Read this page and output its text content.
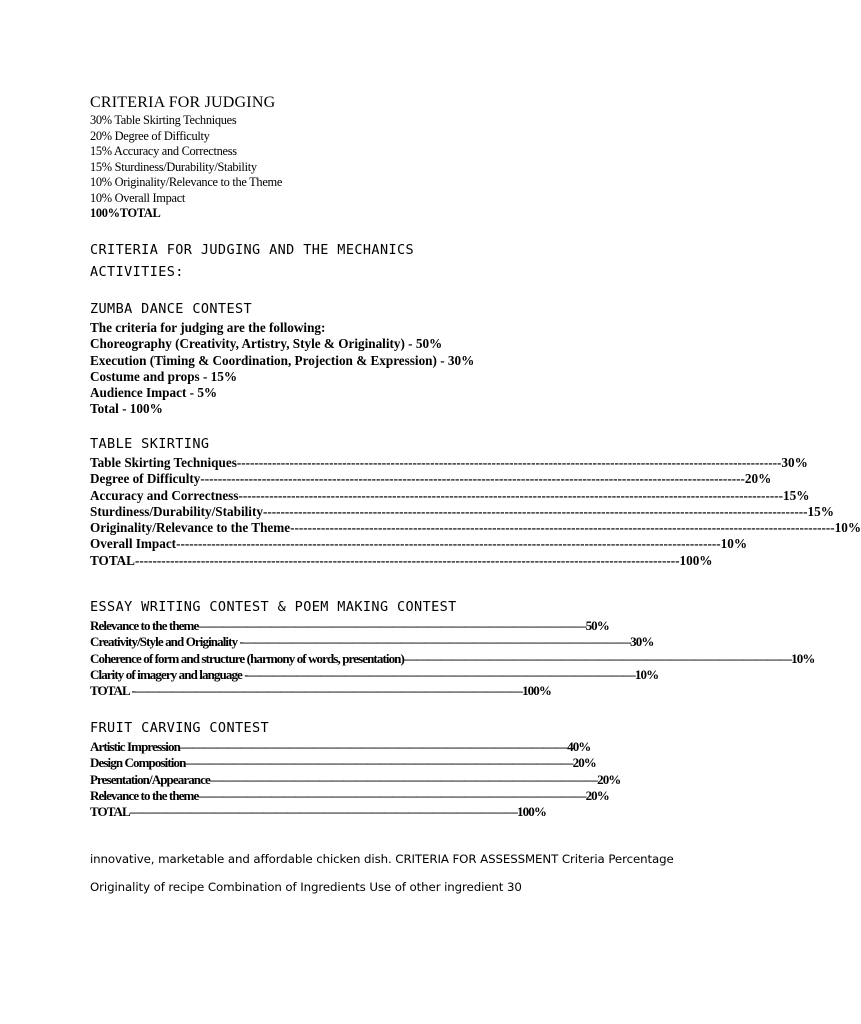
CRITERIA FOR JUDGING
30% Table Skirting Techniques
20% Degree of Difficulty
15% Accuracy and Correctness
15% Sturdiness/Durability/Stability
10% Originality/Relevance to the Theme
10% Overall Impact
100%TOTAL
CRITERIA FOR JUDGING AND THE MECHANICS
ACTIVITIES:
ZUMBA DANCE CONTEST
The criteria for judging are the following:
Choreography (Creativity, Artistry, Style & Originality) - 50%
Execution (Timing & Coordination, Projection & Expression) - 30%
Costume and props - 15%
Audience Impact - 5%
Total - 100%
TABLE SKIRTING
Table Skirting Techniques ---------------------------------------------------------------------------------------------------------------------------- 30%
Degree of Difficulty ---------------------------------------------------------------------------------------------------------------------------- 20%
Accuracy and Correctness ---------------------------------------------------------------------------------------------------------------------------- 15%
Sturdiness/Durability/Stability ---------------------------------------------------------------------------------------------------------------------------- 15%
Originality/Relevance to the Theme ---------------------------------------------------------------------------------------------------------------------------- 10%
Overall Impact ---------------------------------------------------------------------------------------------------------------------------- 10%
TOTAL ---------------------------------------------------------------------------------------------------------------------------- 100%
ESSAY WRITING CONTEST & POEM MAKING CONTEST
Relevance to the theme ———————————————————————————————— 50%
Creativity/Style and Originality - ———————————————————————————————— 30%
Coherence of form and structure (harmony of words, presentation) ———————————————————————————————— 10%
Clarity of imagery and language - ———————————————————————————————— 10%
TOTAL - ———————————————————————————————— 100%
FRUIT CARVING CONTEST
Artistic Impression ———————————————————————————————— 40%
Design Composition ———————————————————————————————— 20%
Presentation/Appearance ———————————————————————————————— 20%
Relevance to the theme ———————————————————————————————— 20%
TOTAL ———————————————————————————————— 100%
innovative, marketable and affordable chicken dish. CRITERIA FOR ASSESSMENT Criteria Percentage
Originality of recipe Combination of Ingredients Use of other ingredient 30
